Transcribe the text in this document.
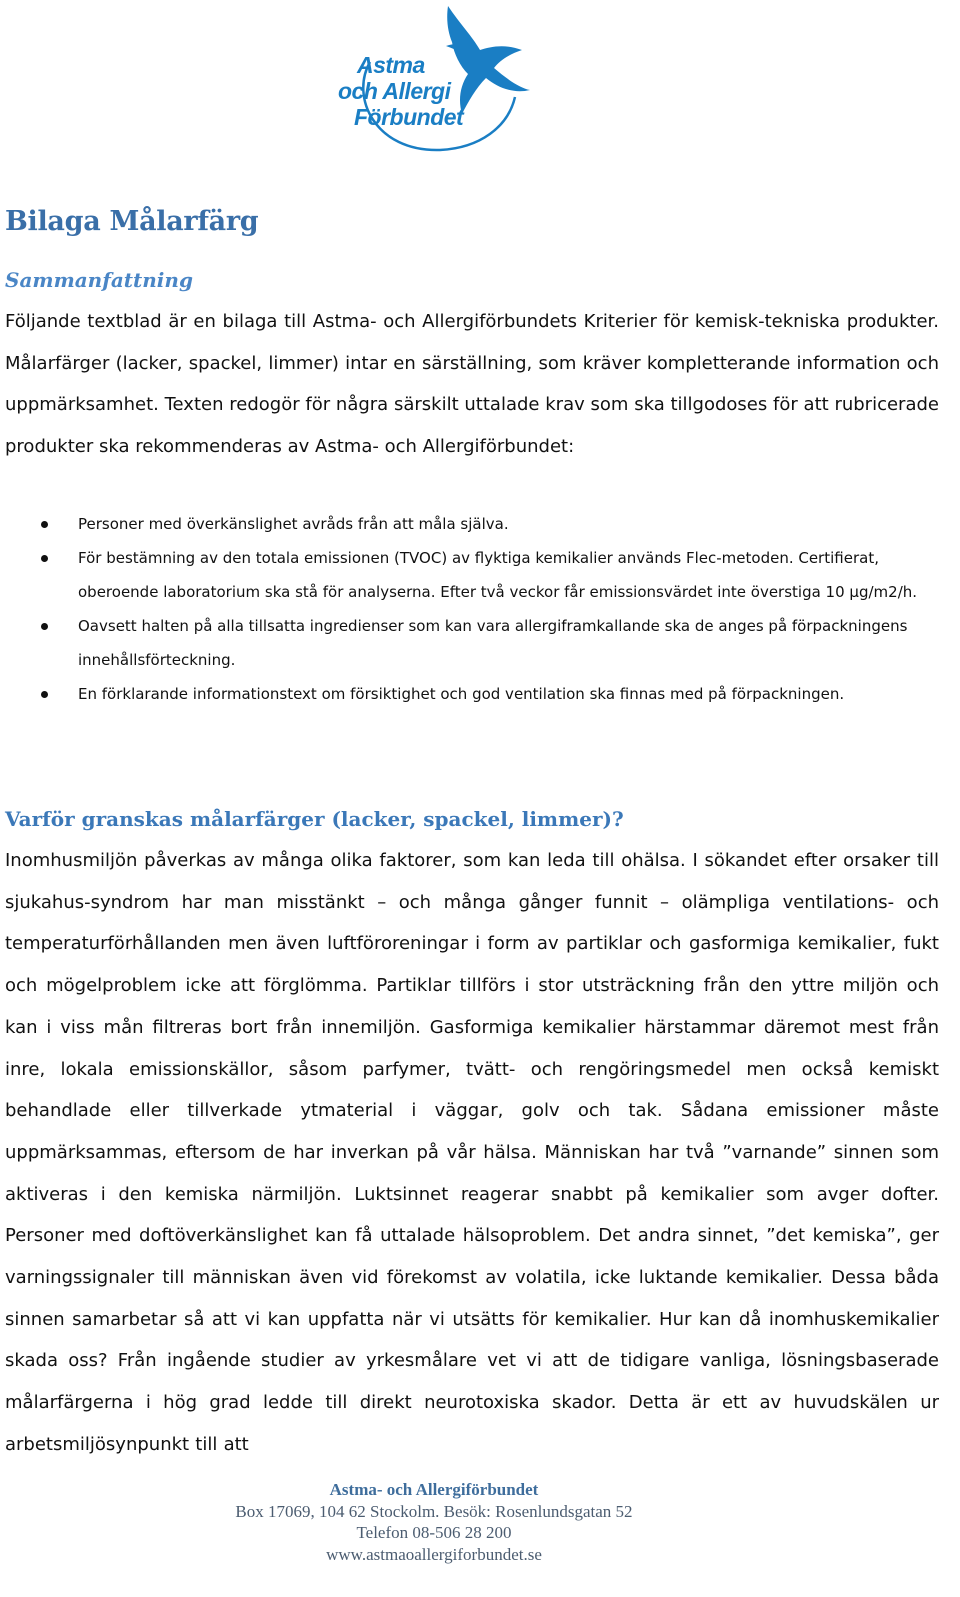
Astma
och Allergi
Förbundet
Bilaga Målarfärg
Sammanfattning

Följande textblad är en bilaga till Astma- och Allergiförbundets Kriterier för kemisk-tekniska produkter. Målarfärger (lacker, spackel, limmer) intar en särställning, som kräver kompletterande information och uppmärksamhet. Texten redogör för några särskilt uttalade krav som ska tillgodoses för att rubricerade produkter ska rekommenderas av Astma- och Allergiförbundet:

Personer med överkänslighet avråds från att måla själva.
För bestämning av den totala emissionen (TVOC) av flyktiga kemikalier används Flec-metoden. Certifierat, oberoende laboratorium ska stå för analyserna. Efter två veckor får emissionsvärdet inte överstiga 10 µg/m2/h.
Oavsett halten på alla tillsatta ingredienser som kan vara allergiframkallande ska de anges på förpackningens innehållsförteckning.
En förklarande informationstext om försiktighet och god ventilation ska finnas med på förpackningen.
Varför granskas målarfärger (lacker, spackel, limmer)?

Inomhusmiljön påverkas av många olika faktorer, som kan leda till ohälsa. I sökandet efter orsaker till sjukahus-syndrom har man misstänkt – och många gånger funnit – olämpliga ventilations- och temperaturförhållanden men även luftföroreningar i form av partiklar och gasformiga kemikalier, fukt och mögelproblem icke att förglömma. Partiklar tillförs i stor utsträckning från den yttre miljön och kan i viss mån filtreras bort från innemiljön. Gasformiga kemikalier härstammar däremot mest från inre, lokala emissionskällor, såsom parfymer, tvätt- och rengöringsmedel men också kemiskt behandlade eller tillverkade ytmaterial i väggar, golv och tak. Sådana emissioner måste uppmärksammas, eftersom de har inverkan på vår hälsa. Människan har två ”varnande” sinnen som aktiveras i den kemiska närmiljön. Luktsinnet reagerar snabbt på kemikalier som avger dofter. Personer med doftöverkänslighet kan få uttalade hälsoproblem. Det andra sinnet, ”det kemiska”, ger varningssignaler till människan även vid förekomst av volatila, icke luktande kemikalier. Dessa båda sinnen samarbetar så att vi kan uppfatta när vi utsätts för kemikalier. Hur kan då inomhuskemikalier skada oss? Från ingående studier av yrkesmålare vet vi att de tidigare vanliga, lösningsbaserade målarfärgerna i hög grad ledde till direkt neurotoxiska skador. Detta är ett av huvudskälen ur arbetsmiljösynpunkt till att

Astma- och Allergiförbundet
Box 17069, 104 62 Stockolm. Besök: Rosenlundsgatan 52
Telefon 08-506 28 200
www.astmaoallergiforbundet.se
